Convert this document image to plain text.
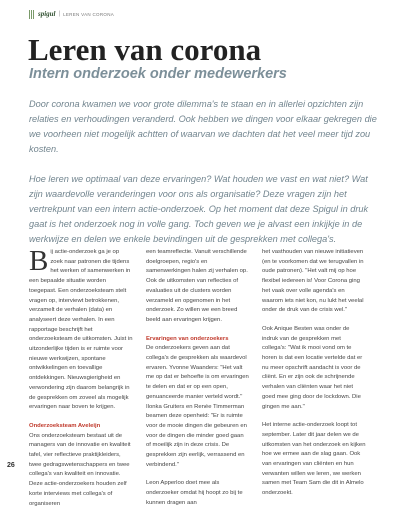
spigul | LEREN VAN CORONA
Leren van corona
Intern onderzoek onder medewerkers

Door corona kwamen we voor grote dilemma's te staan en in allerlei opzichten zijn relaties en verhoudingen veranderd. Ook hebben we dingen voor elkaar gekregen die we voorheen niet mogelijk achtten of waarvan we dachten dat het veel meer tijd zou kosten.

Hoe leren we optimaal van deze ervaringen? Wat houden we vast en wat niet? Wat zijn waardevolle veranderingen voor ons als organisatie? Deze vragen zijn het vertrekpunt van een intern actie-onderzoek. Op het moment dat deze Spigul in druk gaat is het onderzoek nog in volle gang. Toch geven we je alvast een inkijkje in de werkwijze en delen we enkele bevindingen uit de gesprekken met collega's.

Bij actie-onderzoek ga je op zoek naar patronen die tijdens het werken of samenwerken in een bepaalde situatie worden toegepast. Een onderzoeksteam stelt vragen op, interviewt betrokkenen, verzamelt de verhalen (data) en analyseert deze verhalen. In een rapportage beschrijft het onderzoeksteam de uitkomsten. Juist in uitzonderlijke tijden is er ruimte voor nieuwe werkwijzen, spontane ontwikkelingen en toevallige ontdekkingen. Nieuwsgierigheid en verwondering zijn daarom belangrijk in de gesprekken om zoveel als mogelijk ervaringen naar boven te krijgen.

Onderzoeksteam Aveleijn

Ons onderzoeksteam bestaat uit de managers van de innovatie en kwaliteit tafel, vier reflectieve praktijkleiders, twee gedragswetenschappers en twee collega's van kwaliteit en innovatie. Deze actie-onderzoekers houden zelf korte interviews met collega's of organiseren

een teamreflectie. Vanuit verschillende doelgroepen, regio's en samenwerkingen halen zij verhalen op. Ook de uitkomsten van reflecties of evaluaties uit de clusters worden verzameld en opgenomen in het onderzoek. Zo willen we een breed beeld aan ervaringen krijgen.

Ervaringen van onderzoekers

De onderzoekers geven aan dat collega's de gesprekken als waardevol ervaren. Yvonne Waanders: "Het valt me op dat er behoefte is om ervaringen te delen en dat er op een open, genuanceerde manier verteld wordt." Ilonka Gruiters en Renée Timmerman beamen deze openheid: "Er is ruimte voor de mooie dingen die gebeuren en voor de dingen die minder goed gaan of moeilijk zijn in deze crisis. De gesprekken zijn eerlijk, verrassend en verbindend."

Leon Apperloo doet mee als onderzoeker omdat hij hoopt zo bij te kunnen dragen aan

het vasthouden van nieuwe initiatieven (en te voorkomen dat we terugvallen in oude patronen). "Het valt mij op hoe flexibel iedereen is! Voor Corona ging het vaak over volle agenda's en waarom iets niet kon, nu lukt het veelal onder de druk van de crisis wel."

Ook Anique Besten was onder de indruk van de gesprekken met collega's: "Wat ik mooi vond om te horen is dat een locatie vertelde dat er nu meer opschrift aandacht is voor de cliënt. En er zijn ook de schrijnende verhalen van cliënten waar het niet goed mee ging door de lockdown. Die gingen me aan."

Het interne actie-onderzoek loopt tot september. Later dit jaar delen we de uitkomsten van het onderzoek en kijken hoe we ermee aan de slag gaan. Ook van ervaringen van cliënten en hun verwanten willen we leren, we werken samen met Team Sam die dit in Almelo onderzoekt.

26
